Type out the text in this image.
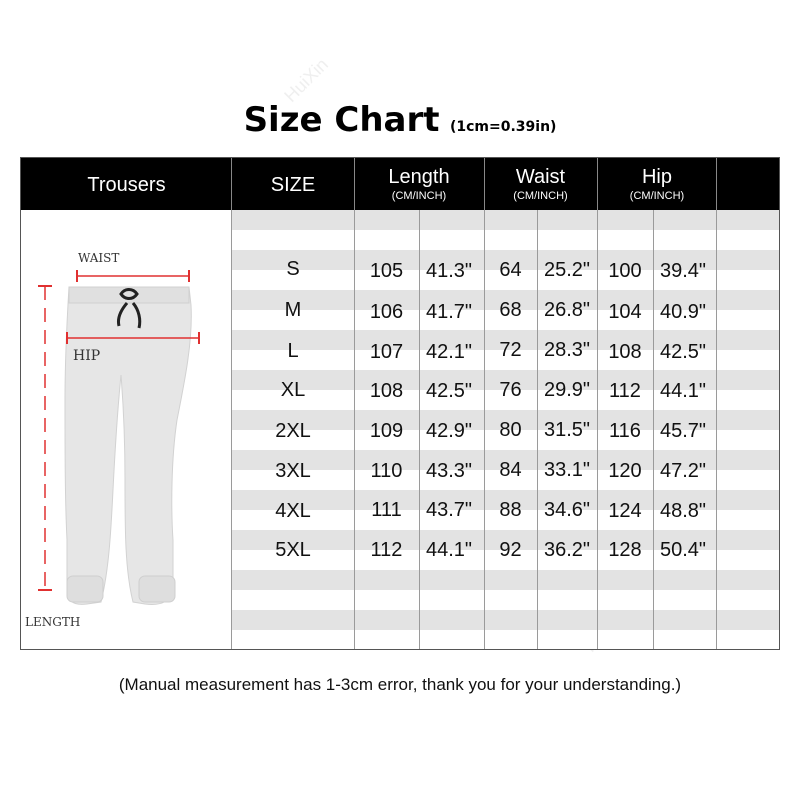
HuiXin
Size Chart (1cm=0.39in)
Trousers	SIZE	Length
(CM/INCH)
Waist
(CM/INCH)
Hip
(CM/INCH)
WAIST
HIP
LENGTH
S	105	41.3"	64	25.2" 100 39.4"
M	106	41.7"	68	26.8" 104 40.9"
L	107	42.1"	72	28.3" 108 42.5"
XL	108	42.5"	76	29.9" 112 44.1"
2XL	109	42.9"	80	31.5" 116 45.7"
3XL	110	43.3"	84	33.1" 120 47.2"
4XL	111	43.7"	88	34.6" 124 48.8"
5XL	112	44.1"	92	36.2" 128 50.4"
(Manual measurement has 1-3cm error, thank you for your understanding.)
